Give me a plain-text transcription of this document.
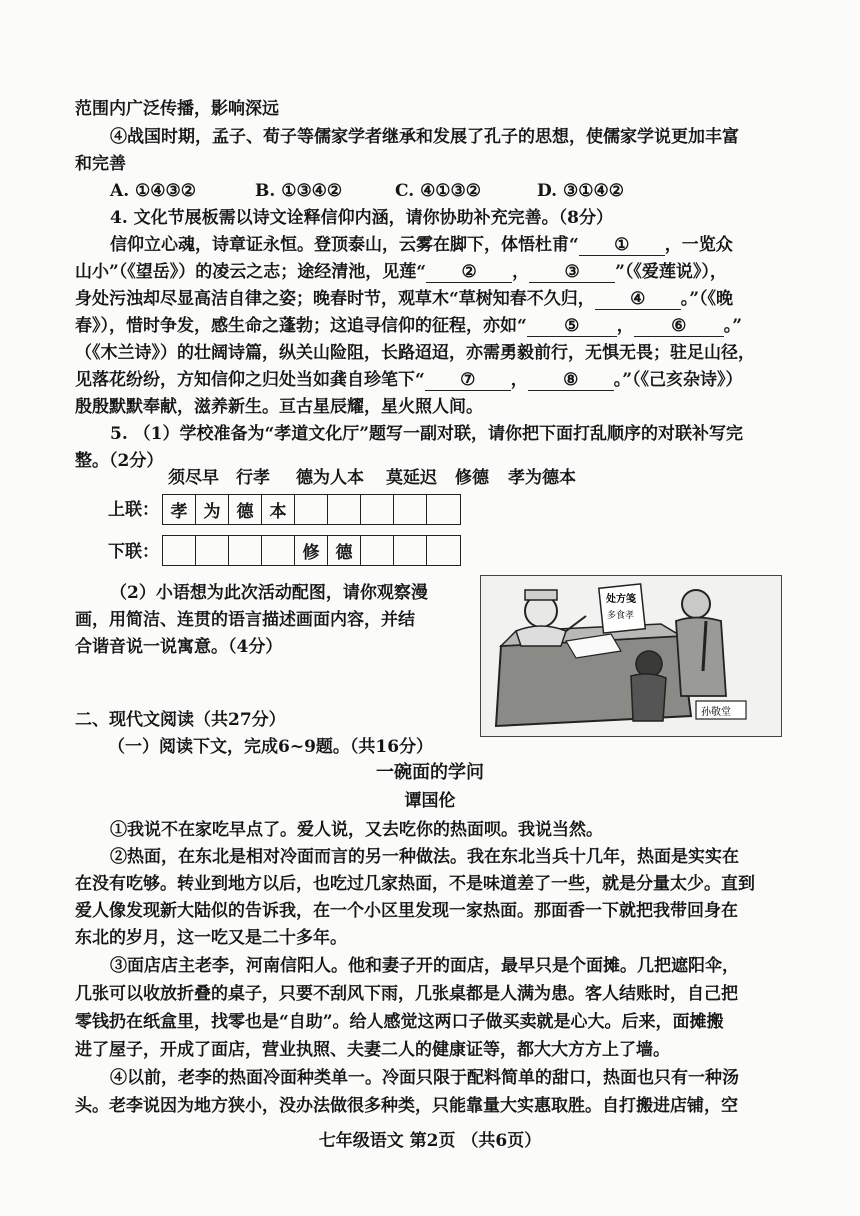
范围内广泛传播，影响深远
④战国时期，孟子、荀子等儒家学者继承和发展了孔子的思想，使儒家学说更加丰富
和完善
A. ①④③②	B. ①③④②	C. ④①③②	D. ③①④②
4. 文化节展板需以诗文诠释信仰内涵，请你协助补充完善。（8分）
信仰立心魂，诗章证永恒。登顶泰山，云雾在脚下，体悟杜甫“ ① ，一览众
山小”（《望岳》）的凌云之志；途经清池，见莲“ ② ， ③ ”（《爱莲说》），
身处污浊却尽显高洁自律之姿；晚春时节，观草木“草树知春不久归， ④ 。”（《晚
春》），惜时争发，感生命之蓬勃；这追寻信仰的征程，亦如“ ⑤ ， ⑥ 。”
（《木兰诗》）的壮阔诗篇，纵关山险阻，长路迢迢，亦需勇毅前行，无惧无畏；驻足山径，
见落花纷纷，方知信仰之归处当如龚自珍笔下“ ⑦ ， ⑧ 。”（《己亥杂诗》）
殷殷默默奉献，滋养新生。亘古星辰耀，星火照人间。
5. （1）学校准备为“孝道文化厅”题写一副对联，请你把下面打乱顺序的对联补写完
整。（2分）
须尽早 行孝 德为人本 莫延迟 修德 孝为德本
上联： 孝 为 德 本
下联：	修 德
（2）小语想为此次活动配图，请你观察漫
画，用简洁、连贯的语言描述画面内容，并结
合谐音说一说寓意。（4分）
处方笺
多食孝
孙敬堂
二、现代文阅读（共27分）
（一）阅读下文，完成6~9题。（共16分）
一碗面的学问
谭国伦
①我说不在家吃早点了。爱人说，又去吃你的热面呗。我说当然。
②热面，在东北是相对冷面而言的另一种做法。我在东北当兵十几年，热面是实实在
在没有吃够。转业到地方以后，也吃过几家热面，不是味道差了一些，就是分量太少。直到
爱人像发现新大陆似的告诉我，在一个小区里发现一家热面。那面香一下就把我带回身在
东北的岁月，这一吃又是二十多年。
③面店店主老李，河南信阳人。他和妻子开的面店，最早只是个面摊。几把遮阳伞，
几张可以收放折叠的桌子，只要不刮风下雨，几张桌都是人满为患。客人结账时，自己把
零钱扔在纸盒里，找零也是“自助”。给人感觉这两口子做买卖就是心大。后来，面摊搬
进了屋子，开成了面店，营业执照、夫妻二人的健康证等，都大大方方上了墙。
④以前，老李的热面冷面种类单一。冷面只限于配料简单的甜口，热面也只有一种汤
头。老李说因为地方狭小，没办法做很多种类，只能靠量大实惠取胜。自打搬进店铺，空
七年级语文 第2页 （共6页）
